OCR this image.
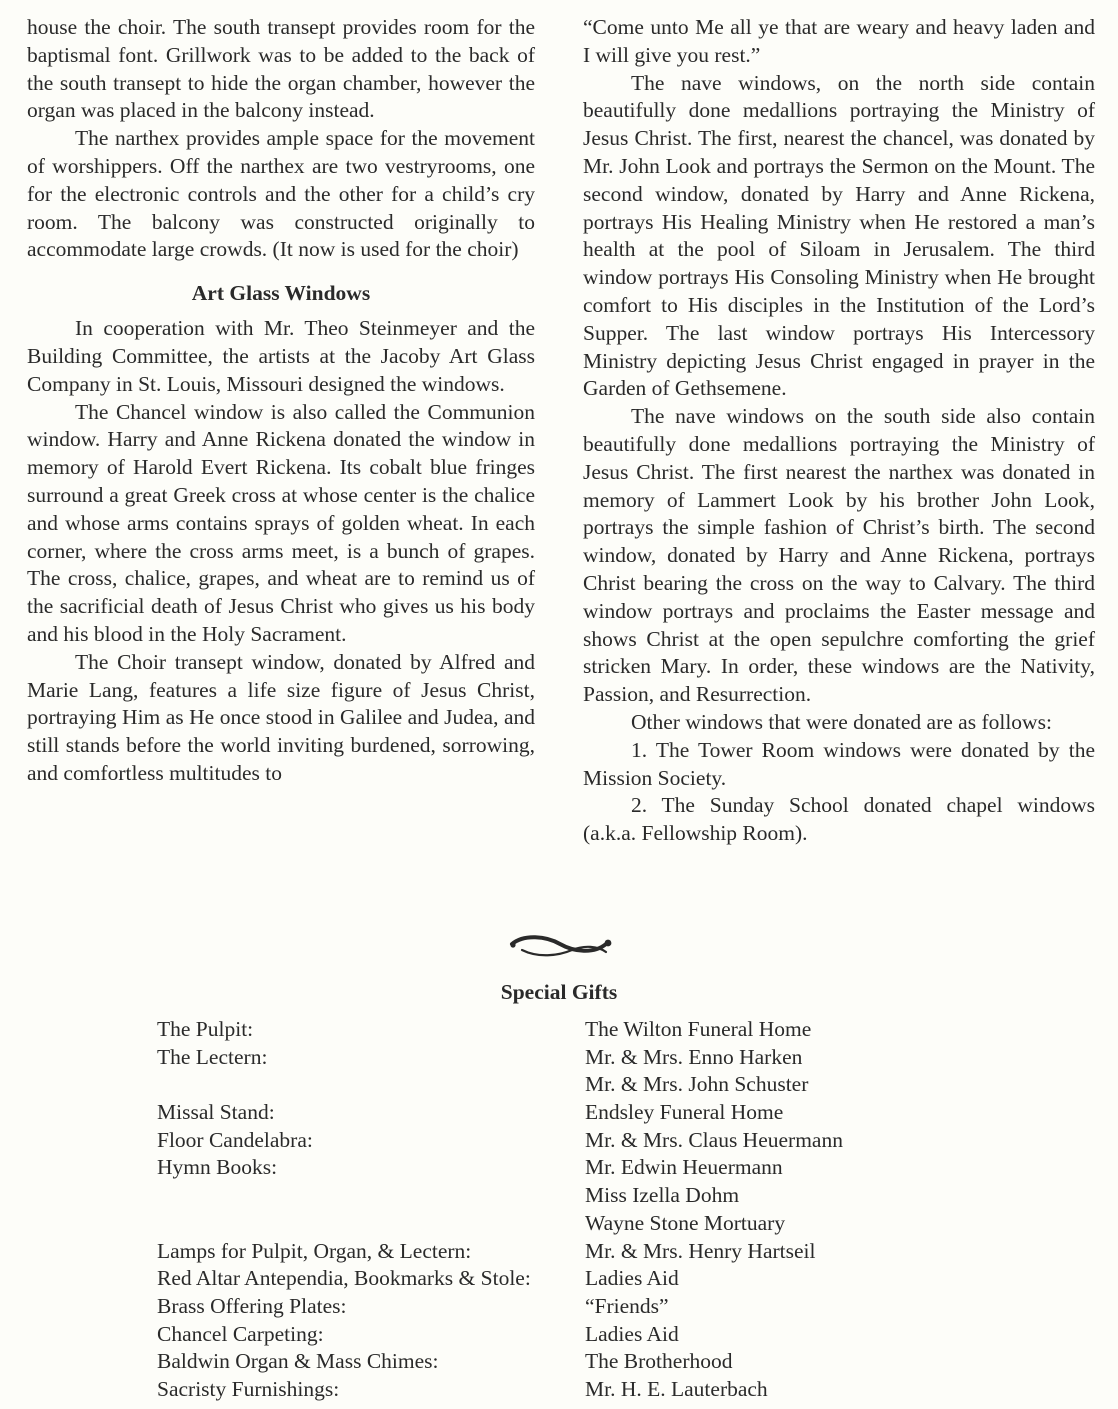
house the choir. The south transept provides room for the baptismal font. Grillwork was to be added to the back of the south transept to hide the organ chamber, however the organ was placed in the balcony instead.

The narthex provides ample space for the movement of worshippers. Off the narthex are two vestryrooms, one for the electronic controls and the other for a child’s cry room. The balcony was constructed originally to accommodate large crowds. (It now is used for the choir)

Art Glass Windows

In cooperation with Mr. Theo Steinmeyer and the Building Committee, the artists at the Jacoby Art Glass Company in St. Louis, Missouri designed the windows.

The Chancel window is also called the Communion window. Harry and Anne Rickena donated the window in memory of Harold Evert Rickena. Its cobalt blue fringes surround a great Greek cross at whose center is the chalice and whose arms contains sprays of golden wheat. In each corner, where the cross arms meet, is a bunch of grapes. The cross, chalice, grapes, and wheat are to remind us of the sacrificial death of Jesus Christ who gives us his body and his blood in the Holy Sacrament.

The Choir transept window, donated by Alfred and Marie Lang, features a life size figure of Jesus Christ, portraying Him as He once stood in Galilee and Judea, and still stands before the world inviting burdened, sorrowing, and comfortless multitudes to

“Come unto Me all ye that are weary and heavy laden and I will give you rest.”

The nave windows, on the north side contain beautifully done medallions portraying the Ministry of Jesus Christ. The first, nearest the chancel, was donated by Mr. John Look and portrays the Sermon on the Mount. The second window, donated by Harry and Anne Rickena, portrays His Healing Ministry when He restored a man’s health at the pool of Siloam in Jerusalem. The third window portrays His Consoling Ministry when He brought comfort to His disciples in the Institution of the Lord’s Supper. The last window portrays His Intercessory Ministry depicting Jesus Christ engaged in prayer in the Garden of Gethsemene.

The nave windows on the south side also contain beautifully done medallions portraying the Ministry of Jesus Christ. The first nearest the narthex was donated in memory of Lammert Look by his brother John Look, portrays the simple fashion of Christ’s birth. The second window, donated by Harry and Anne Rickena, portrays Christ bearing the cross on the way to Calvary. The third window portrays and proclaims the Easter message and shows Christ at the open sepulchre comforting the grief stricken Mary. In order, these windows are the Nativity, Passion, and Resurrection.

Other windows that were donated are as follows:

1. The Tower Room windows were donated by the Mission Society.

2. The Sunday School donated chapel windows (a.k.a. Fellowship Room).

Special Gifts
The Pulpit:	The Wilton Funeral Home
The Lectern:	Mr. & Mrs. Enno Harken
Mr. & Mrs. John Schuster
Missal Stand:	Endsley Funeral Home
Floor Candelabra:	Mr. & Mrs. Claus Heuermann
Hymn Books:	Mr. Edwin Heuermann
Miss Izella Dohm
Wayne Stone Mortuary
Lamps for Pulpit, Organ, & Lectern:	Mr. & Mrs. Henry Hartseil
Red Altar Antependia, Bookmarks & Stole:	Ladies Aid
Brass Offering Plates:	“Friends”
Chancel Carpeting:	Ladies Aid
Baldwin Organ & Mass Chimes:	The Brotherhood
Sacristy Furnishings:	Mr. H. E. Lauterbach
